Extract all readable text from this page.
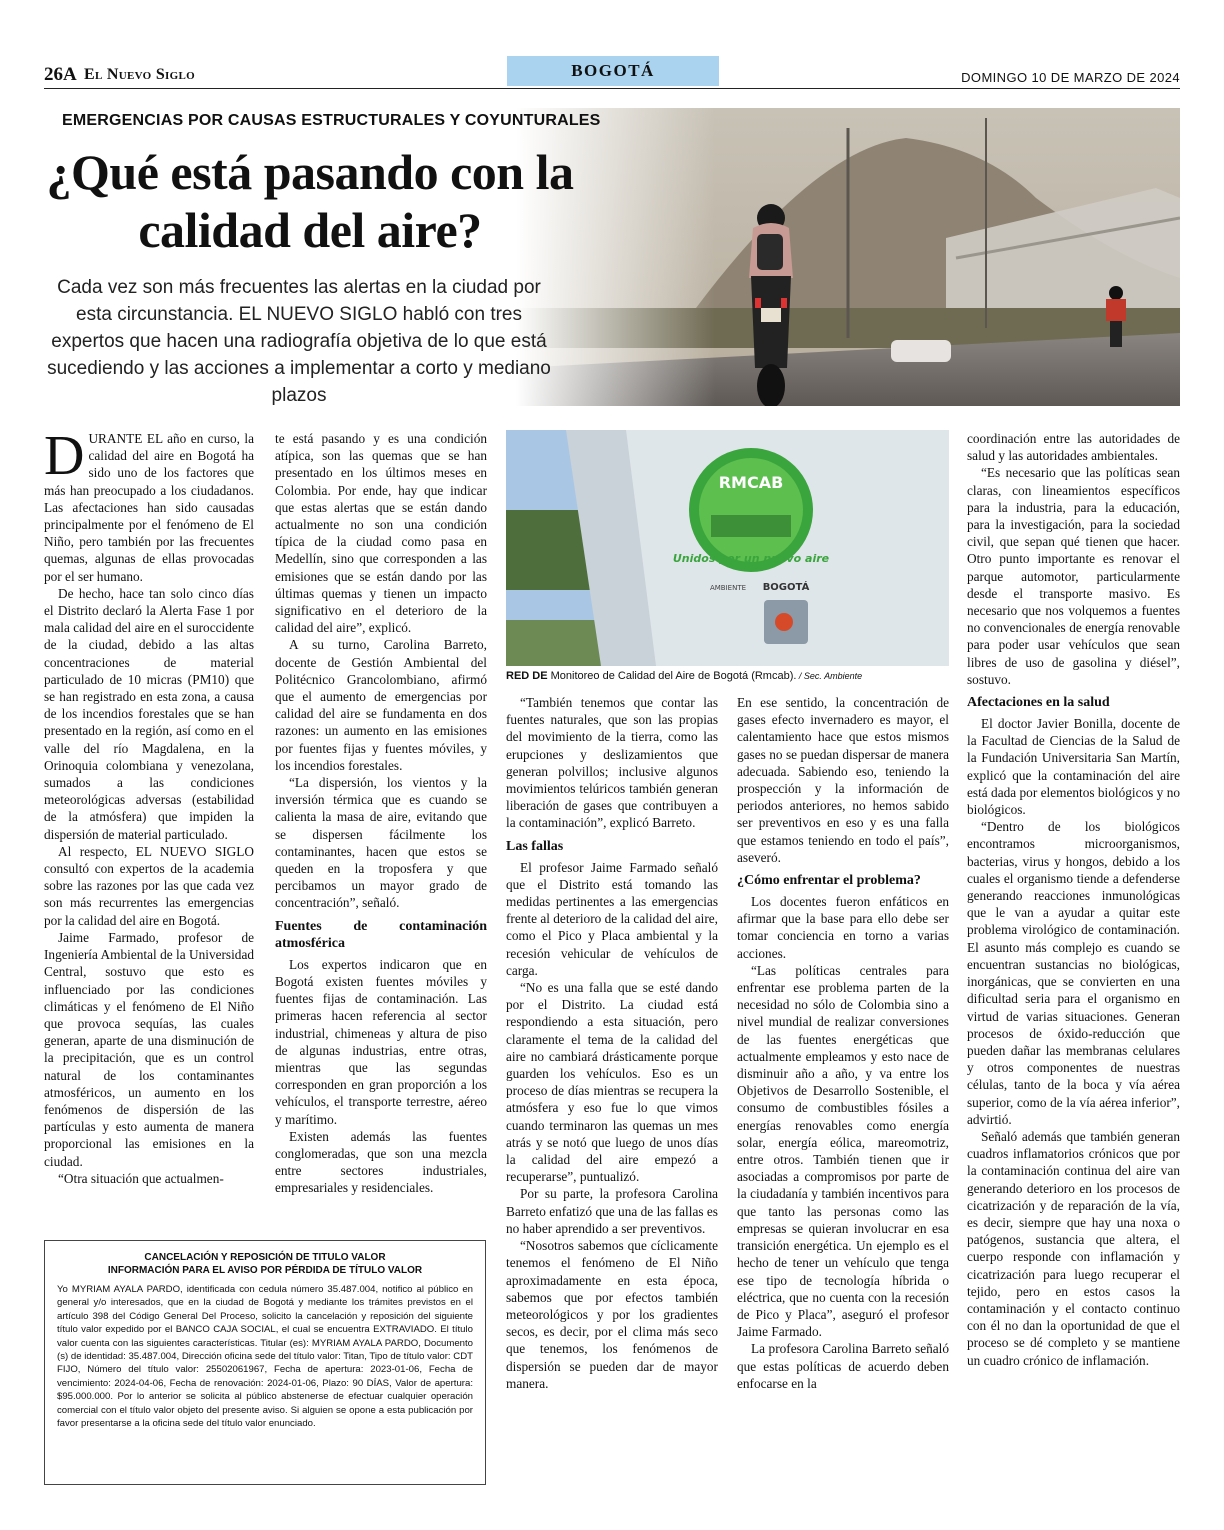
26A El Nuevo Siglo	BOGOTÁ	DOMINGO 10 DE MARZO DE 2024
EMERGENCIAS POR CAUSAS ESTRUCTURALES Y COYUNTURALES
¿Qué está pasando con la calidad del aire?
Cada vez son más frecuentes las alertas en la ciudad por esta circunstancia. EL NUEVO SIGLO habló con tres expertos que hacen una radiografía objetiva de lo que está sucediendo y las acciones a implementar a corto y mediano plazos

DURANTE EL año en curso, la calidad del aire en Bogotá ha sido uno de los factores que más han preocupado a los ciudadanos. Las afectaciones han sido causadas principalmente por el fenómeno de El Niño, pero también por las frecuentes quemas, algunas de ellas provocadas por el ser humano.

De hecho, hace tan solo cinco días el Distrito declaró la Alerta Fase 1 por mala calidad del aire en el suroccidente de la ciudad, debido a las altas concentraciones de material particulado de 10 micras (PM10) que se han registrado en esta zona, a causa de los incendios forestales que se han presentado en la región, así como en el valle del río Magdalena, en la Orinoquia colombiana y venezolana, sumados a las condiciones meteorológicas adversas (estabilidad de la atmósfera) que impiden la dispersión de material particulado.

Al respecto, EL NUEVO SIGLO consultó con expertos de la academia sobre las razones por las que cada vez son más recurrentes las emergencias por la calidad del aire en Bogotá.

Jaime Farmado, profesor de Ingeniería Ambiental de la Universidad Central, sostuvo que esto es influenciado por las condiciones climáticas y el fenómeno de El Niño que provoca sequías, las cuales generan, aparte de una disminución de la precipitación, que es un control natural de los contaminantes atmosféricos, un aumento en los fenómenos de dispersión de las partículas y esto aumenta de manera proporcional las emisiones en la ciudad.

“Otra situación que actualmen-

te está pasando y es una condición atípica, son las quemas que se han presentado en los últimos meses en Colombia. Por ende, hay que indicar que estas alertas que se están dando actualmente no son una condición típica de la ciudad como pasa en Medellín, sino que corresponden a las emisiones que se están dando por las últimas quemas y tienen un impacto significativo en el deterioro de la calidad del aire”, explicó.

A su turno, Carolina Barreto, docente de Gestión Ambiental del Politécnico Grancolombiano, afirmó que el aumento de emergencias por calidad del aire se fundamenta en dos razones: un aumento en las emisiones por fuentes fijas y fuentes móviles, y los incendios forestales.

“La dispersión, los vientos y la inversión térmica que es cuando se calienta la masa de aire, evitando que se dispersen fácilmente los contaminantes, hacen que estos se queden en la troposfera y que percibamos un mayor grado de concentración”, señaló.

Fuentes de contaminación atmosférica

Los expertos indicaron que en Bogotá existen fuentes móviles y fuentes fijas de contaminación. Las primeras hacen referencia al sector industrial, chimeneas y altura de piso de algunas industrias, entre otras, mientras que las segundas corresponden en gran proporción a los vehículos, el transporte terrestre, aéreo y marítimo.

Existen además las fuentes conglomeradas, que son una mezcla entre sectores industriales, empresariales y residenciales.

RMCAB
Unidos por un nuevo aire
AMBIENTE BOGOTÁ
RED DE Monitoreo de Calidad del Aire de Bogotá (Rmcab). / Sec. Ambiente

“También tenemos que contar las fuentes naturales, que son las propias del movimiento de la tierra, como las erupciones y deslizamientos que generan polvillos; inclusive algunos movimientos telúricos también generan liberación de gases que contribuyen a la contaminación”, explicó Barreto.

Las fallas

El profesor Jaime Farmado señaló que el Distrito está tomando las medidas pertinentes a las emergencias frente al deterioro de la calidad del aire, como el Pico y Placa ambiental y la recesión vehicular de vehículos de carga.

“No es una falla que se esté dando por el Distrito. La ciudad está respondiendo a esta situación, pero claramente el tema de la calidad del aire no cambiará drásticamente porque guarden los vehículos. Eso es un proceso de días mientras se recupera la atmósfera y eso fue lo que vimos cuando terminaron las quemas un mes atrás y se notó que luego de unos días la calidad del aire empezó a recuperarse”, puntualizó.

Por su parte, la profesora Carolina Barreto enfatizó que una de las fallas es no haber aprendido a ser preventivos.

“Nosotros sabemos que cíclicamente tenemos el fenómeno de El Niño aproximadamente en esta época, sabemos que por efectos también meteorológicos y por los gradientes secos, es decir, por el clima más seco que tenemos, los fenómenos de dispersión se pueden dar de mayor manera.

En ese sentido, la concentración de gases efecto invernadero es mayor, el calentamiento hace que estos mismos gases no se puedan dispersar de manera adecuada. Sabiendo eso, teniendo la prospección y la información de periodos anteriores, no hemos sabido ser preventivos en eso y es una falla que estamos teniendo en todo el país”, aseveró.

¿Cómo enfrentar el problema?

Los docentes fueron enfáticos en afirmar que la base para ello debe ser tomar conciencia en torno a varias acciones.

“Las políticas centrales para enfrentar ese problema parten de la necesidad no sólo de Colombia sino a nivel mundial de realizar conversiones de las fuentes energéticas que actualmente empleamos y esto nace de disminuir año a año, y va entre los Objetivos de Desarrollo Sostenible, el consumo de combustibles fósiles a energías renovables como energía solar, energía eólica, mareomotriz, entre otros. También tienen que ir asociadas a compromisos por parte de la ciudadanía y también incentivos para que tanto las personas como las empresas se quieran involucrar en esa transición energética. Un ejemplo es el hecho de tener un vehículo que tenga ese tipo de tecnología híbrida o eléctrica, que no cuenta con la recesión de Pico y Placa”, aseguró el profesor Jaime Farmado.

La profesora Carolina Barreto señaló que estas políticas de acuerdo deben enfocarse en la

coordinación entre las autoridades de salud y las autoridades ambientales.

“Es necesario que las políticas sean claras, con lineamientos específicos para la industria, para la educación, para la investigación, para la sociedad civil, que sepan qué tienen que hacer. Otro punto importante es renovar el parque automotor, particularmente desde el transporte masivo. Es necesario que nos volquemos a fuentes no convencionales de energía renovable para poder usar vehículos que sean libres de uso de gasolina y diésel”, sostuvo.

Afectaciones en la salud

El doctor Javier Bonilla, docente de la Facultad de Ciencias de la Salud de la Fundación Universitaria San Martín, explicó que la contaminación del aire está dada por elementos biológicos y no biológicos.

“Dentro de los biológicos encontramos microorganismos, bacterias, virus y hongos, debido a los cuales el organismo tiende a defenderse generando reacciones inmunológicas que le van a ayudar a quitar este problema virológico de contaminación. El asunto más complejo es cuando se encuentran sustancias no biológicas, inorgánicas, que se convierten en una dificultad seria para el organismo en virtud de varias situaciones. Generan procesos de óxido-reducción que pueden dañar las membranas celulares y otros componentes de nuestras células, tanto de la boca y vía aérea superior, como de la vía aérea inferior”, advirtió.

Señaló además que también generan cuadros inflamatorios crónicos que por la contaminación continua del aire van generando deterioro en los procesos de cicatrización y de reparación de la vía, es decir, siempre que hay una noxa o patógenos, sustancia que altera, el cuerpo responde con inflamación y cicatrización para luego recuperar el tejido, pero en estos casos la contaminación y el contacto continuo con él no dan la oportunidad de que el proceso se dé completo y se mantiene un cuadro crónico de inflamación.

CANCELACIÓN Y REPOSICIÓN DE TITULO VALOR
INFORMACIÓN PARA EL AVISO POR PÉRDIDA DE TÍTULO VALOR
Yo MYRIAM AYALA PARDO, identificada con cedula número 35.487.004, notifico al público en general y/o interesados, que en la ciudad de Bogotá y mediante los trámites previstos en el artículo 398 del Código General Del Proceso, solicito la cancelación y reposición del siguiente título valor expedido por el BANCO CAJA SOCIAL, el cual se encuentra EXTRAVIADO. El título valor cuenta con las siguientes características. Titular (es): MYRIAM AYALA PARDO, Documento (s) de identidad: 35.487.004, Dirección oficina sede del título valor: Titan, Tipo de título valor: CDT FIJO, Número del título valor: 25502061967, Fecha de apertura: 2023-01-06, Fecha de vencimiento: 2024-04-06, Fecha de renovación: 2024-01-06, Plazo: 90 DÍAS, Valor de apertura: $95.000.000. Por lo anterior se solicita al público abstenerse de efectuar cualquier operación comercial con el título valor objeto del presente aviso. Si alguien se opone a esta publicación por favor presentarse a la oficina sede del título valor enunciado.
